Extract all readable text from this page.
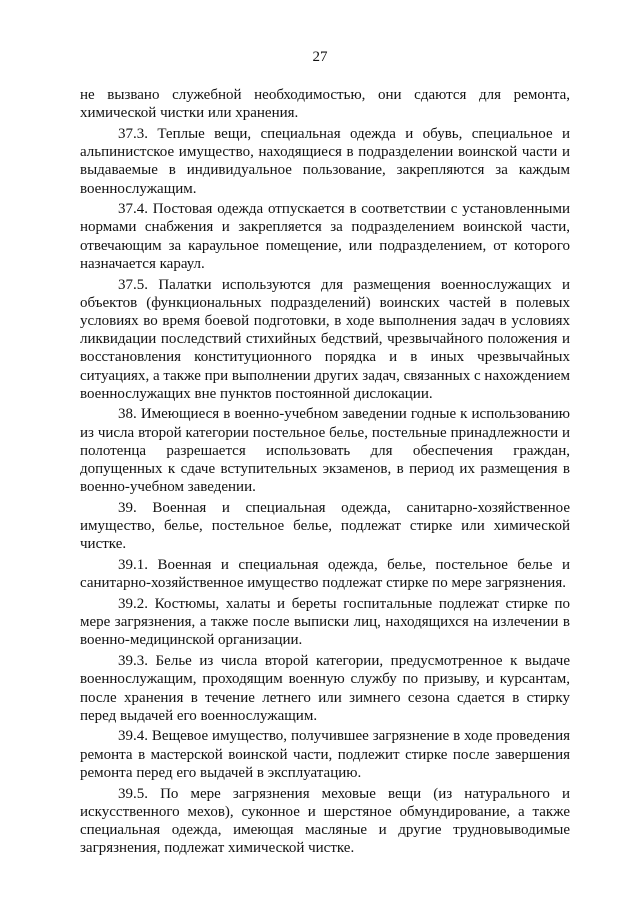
27

не вызвано служебной необходимостью, они сдаются для ремонта, химической чистки или хранения.

37.3. Теплые вещи, специальная одежда и обувь, специальное и альпинистское имущество, находящиеся в подразделении воинской части и выдаваемые в индивидуальное пользование, закрепляются за каждым военнослужащим.

37.4. Постовая одежда отпускается в соответствии с установленными нормами снабжения и закрепляется за подразделением воинской части, отвечающим за караульное помещение, или подразделением, от которого назначается караул.

37.5. Палатки используются для размещения военнослужащих и объектов (функциональных подразделений) воинских частей в полевых условиях во время боевой подготовки, в ходе выполнения задач в условиях ликвидации последствий стихийных бедствий, чрезвычайного положения и восстановления конституционного порядка и в иных чрезвычайных ситуациях, а также при выполнении других задач, связанных с нахождением военнослужащих вне пунктов постоянной дислокации.

38. Имеющиеся в военно-учебном заведении годные к использованию из числа второй категории постельное белье, постельные принадлежности и полотенца разрешается использовать для обеспечения граждан, допущенных к сдаче вступительных экзаменов, в период их размещения в военно-учебном заведении.

39. Военная и специальная одежда, санитарно-хозяйственное имущество, белье, постельное белье, подлежат стирке или химической чистке.

39.1. Военная и специальная одежда, белье, постельное белье и санитарно-хозяйственное имущество подлежат стирке по мере загрязнения.

39.2. Костюмы, халаты и береты госпитальные подлежат стирке по мере загрязнения, а также после выписки лиц, находящихся на излечении в военно-медицинской организации.

39.3. Белье из числа второй категории, предусмотренное к выдаче военнослужащим, проходящим военную службу по призыву, и курсантам, после хранения в течение летнего или зимнего сезона сдается в стирку перед выдачей его военнослужащим.

39.4. Вещевое имущество, получившее загрязнение в ходе проведения ремонта в мастерской воинской части, подлежит стирке после завершения ремонта перед его выдачей в эксплуатацию.

39.5. По мере загрязнения меховые вещи (из натурального и искусственного мехов), суконное и шерстяное обмундирование, а также специальная одежда, имеющая масляные и другие трудновыводимые загрязнения, подлежат химической чистке.
